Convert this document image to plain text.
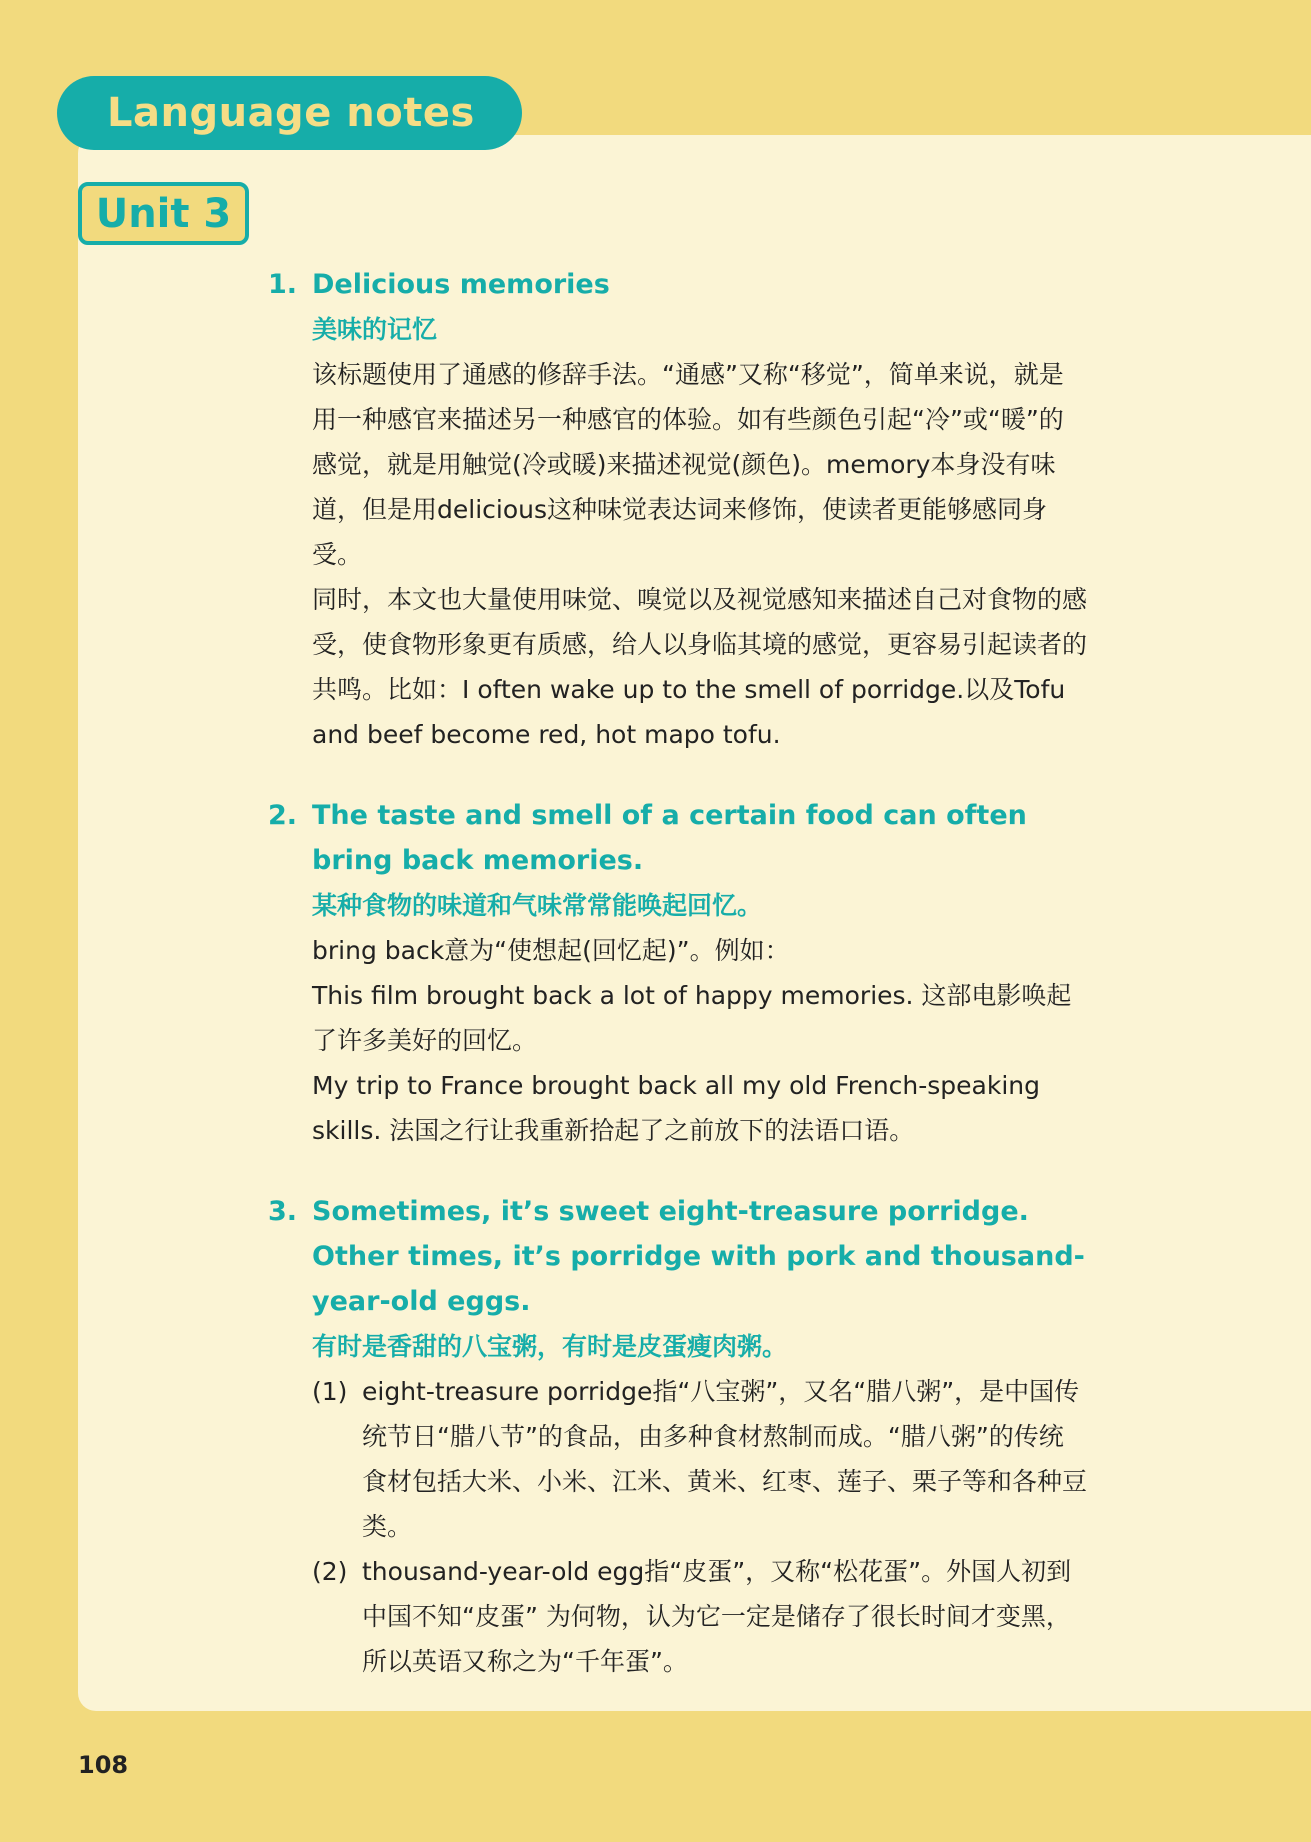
Language notes
Unit 3
1. Delicious memories
美味的记忆
该标题使用了通感的修辞手法。“通感”又称“移觉”，简单来说，就是用一种感官来描述另一种感官的体验。如有些颜色引起“冷”或“暖”的感觉，就是用触觉(冷或暖)来描述视觉(颜色)。memory本身没有味道，但是用delicious这种味觉表达词来修饰，使读者更能够感同身受。
同时，本文也大量使用味觉、嗅觉以及视觉感知来描述自己对食物的感受，使食物形象更有质感，给人以身临其境的感觉，更容易引起读者的共鸣。比如：I often wake up to the smell of porridge.以及Tofu and beef become red, hot mapo tofu.
2. The taste and smell of a certain food can often bring back memories.
某种食物的味道和气味常常能唤起回忆。
bring back意为“使想起(回忆起)”。例如：
This film brought back a lot of happy memories. 这部电影唤起了许多美好的回忆。
My trip to France brought back all my old French-speaking skills. 法国之行让我重新拾起了之前放下的法语口语。
3. Sometimes, it’s sweet eight-treasure porridge. Other times, it’s porridge with pork and thousand-year-old eggs.
有时是香甜的八宝粥，有时是皮蛋瘦肉粥。
(1) eight-treasure porridge指“八宝粥”，又名“腊八粥”，是中国传统节日“腊八节”的食品，由多种食材熬制而成。“腊八粥”的传统食材包括大米、小米、江米、黄米、红枣、莲子、栗子等和各种豆类。
(2) thousand-year-old egg指“皮蛋”，又称“松花蛋”。外国人初到中国不知“皮蛋” 为何物，认为它一定是储存了很长时间才变黑，所以英语又称之为“千年蛋”。
108
